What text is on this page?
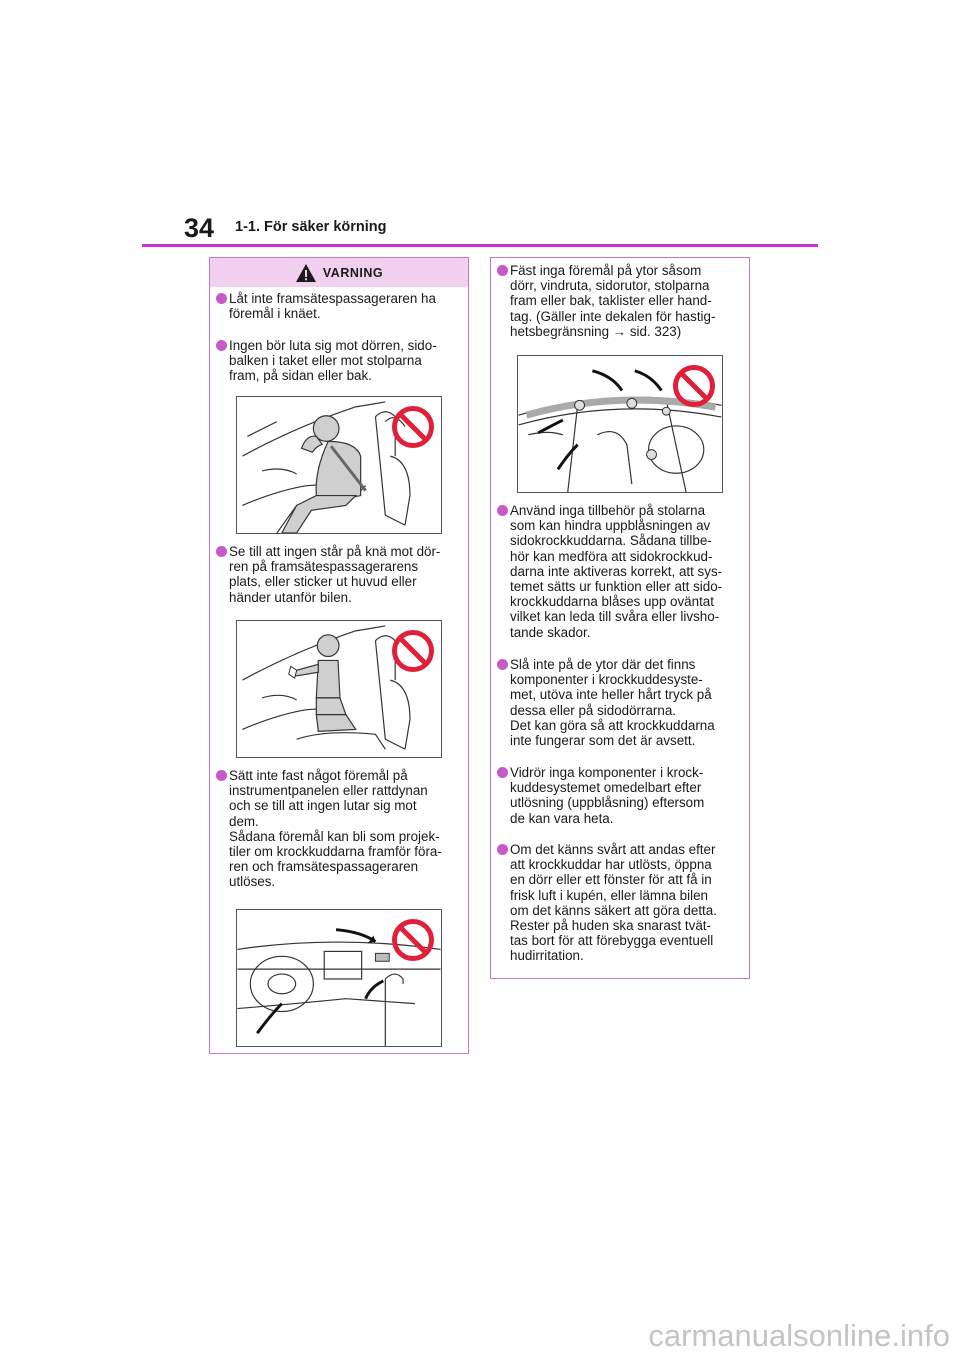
34 1-1. För säker körning
VARNING
Låt inte framsätespassageraren ha
föremål i knäet.
Ingen bör luta sig mot dörren, sido-
balken i taket eller mot stolparna
fram, på sidan eller bak.
Se till att ingen står på knä mot dör-
ren på framsätespassagerarens
plats, eller sticker ut huvud eller
händer utanför bilen.
Sätt inte fast något föremål på
instrumentpanelen eller rattdynan
och se till att ingen lutar sig mot
dem.
Sådana föremål kan bli som projek-
tiler om krockkuddarna framför föra-
ren och framsätespassageraren
utlöses.
Fäst inga föremål på ytor såsom
dörr, vindruta, sidorutor, stolparna
fram eller bak, taklister eller hand-
tag. (Gäller inte dekalen för hastig-
hetsbegränsning → sid. 323)
Använd inga tillbehör på stolarna
som kan hindra uppblåsningen av
sidokrockkuddarna. Sådana tillbe-
hör kan medföra att sidokrockkud-
darna inte aktiveras korrekt, att sys-
temet sätts ur funktion eller att sido-
krockkuddarna blåses upp oväntat
vilket kan leda till svåra eller livsho-
tande skador.
Slå inte på de ytor där det finns
komponenter i krockkuddesyste-
met, utöva inte heller hårt tryck på
dessa eller på sidodörrarna.
Det kan göra så att krockkuddarna
inte fungerar som det är avsett.
Vidrör inga komponenter i krock-
kuddesystemet omedelbart efter
utlösning (uppblåsning) eftersom
de kan vara heta.
Om det känns svårt att andas efter
att krockkuddar har utlösts, öppna
en dörr eller ett fönster för att få in
frisk luft i kupén, eller lämna bilen
om det känns säkert att göra detta.
Rester på huden ska snarast tvät-
tas bort för att förebygga eventuell
hudirritation.
carmanualsonline.info
